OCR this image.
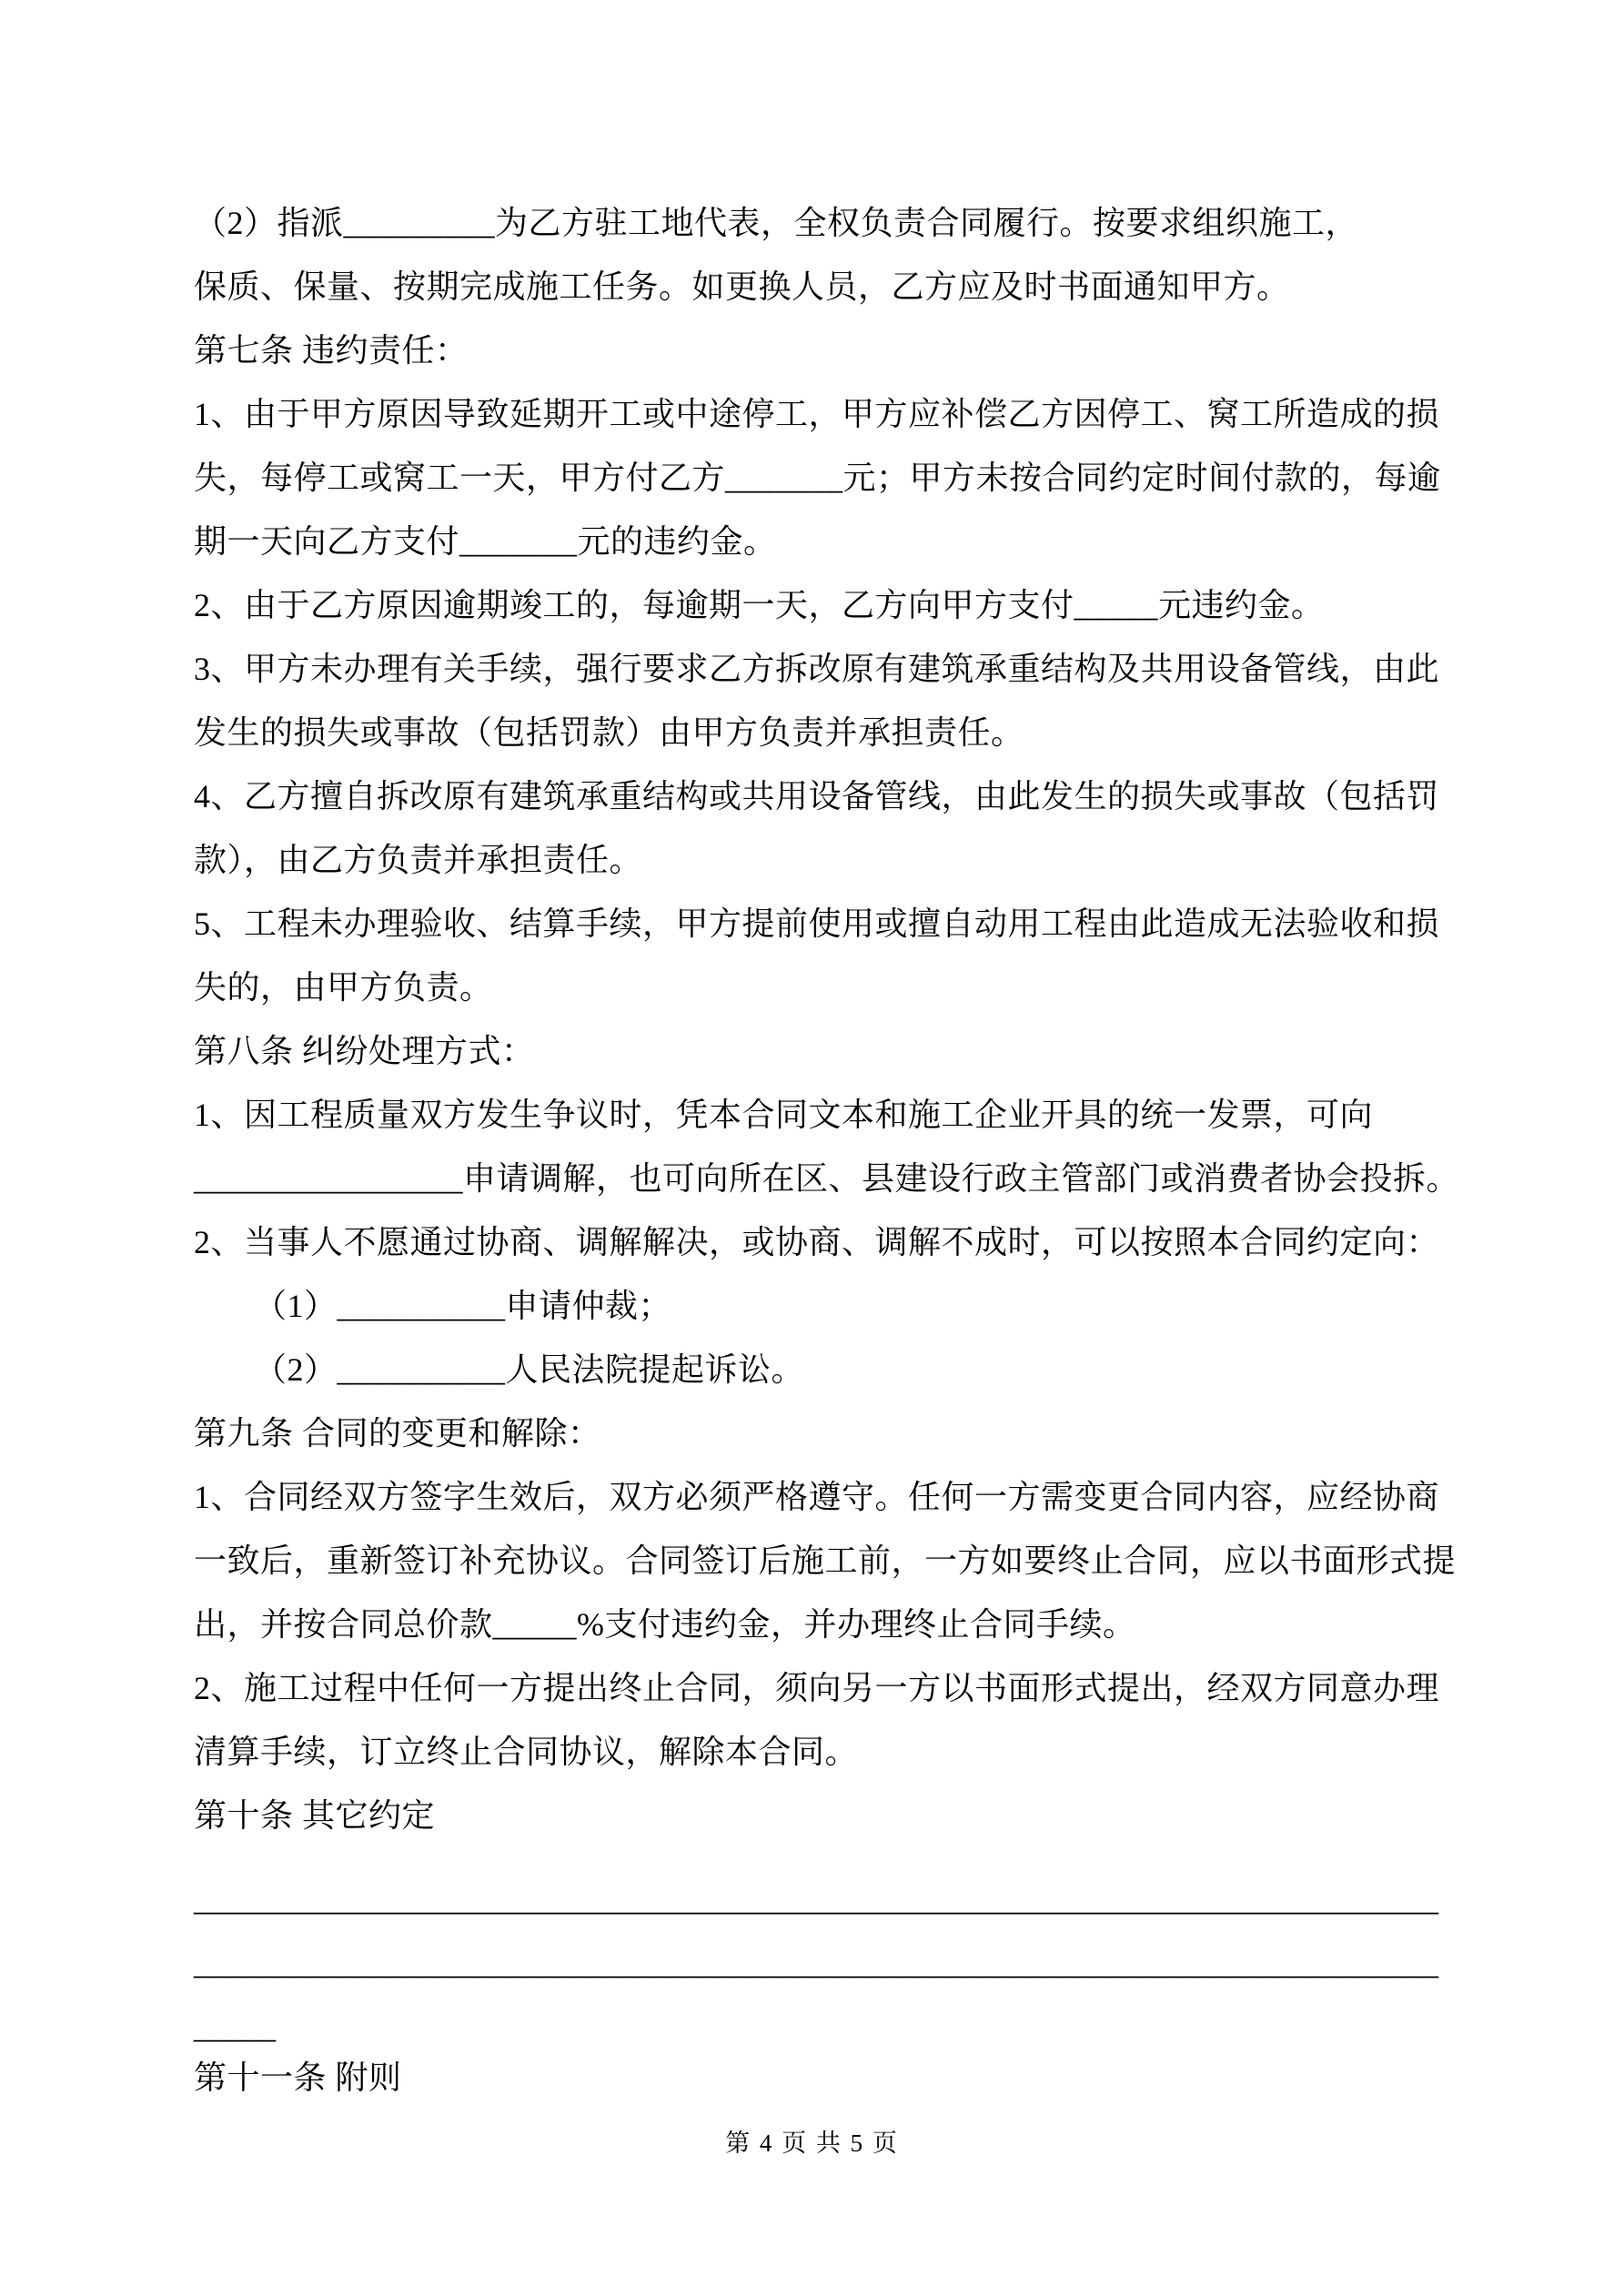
（2）指派_________为乙方驻工地代表，全权负责合同履行。按要求组织施工，
保质、保量、按期完成施工任务。如更换人员，乙方应及时书面通知甲方。
第七条 违约责任：
1、由于甲方原因导致延期开工或中途停工，甲方应补偿乙方因停工、窝工所造成的损
失，每停工或窝工一天，甲方付乙方_______元；甲方未按合同约定时间付款的，每逾
期一天向乙方支付_______元的违约金。
2、由于乙方原因逾期竣工的，每逾期一天，乙方向甲方支付_____元违约金。
3、甲方未办理有关手续，强行要求乙方拆改原有建筑承重结构及共用设备管线，由此
发生的损失或事故（包括罚款）由甲方负责并承担责任。
4、乙方擅自拆改原有建筑承重结构或共用设备管线，由此发生的损失或事故（包括罚
款），由乙方负责并承担责任。
5、工程未办理验收、结算手续，甲方提前使用或擅自动用工程由此造成无法验收和损
失的，由甲方负责。
第八条 纠纷处理方式：
1、因工程质量双方发生争议时，凭本合同文本和施工企业开具的统一发票，可向
________________申请调解，也可向所在区、县建设行政主管部门或消费者协会投拆。
2、当事人不愿通过协商、调解解决，或协商、调解不成时，可以按照本合同约定向：
（1）__________申请仲裁；
（2）__________人民法院提起诉讼。
第九条 合同的变更和解除：
1、合同经双方签字生效后，双方必须严格遵守。任何一方需变更合同内容，应经协商
一致后，重新签订补充协议。合同签订后施工前，一方如要终止合同，应以书面形式提
出，并按合同总价款_____%支付违约金，并办理终止合同手续。
2、施工过程中任何一方提出终止合同，须向另一方以书面形式提出，经双方同意办理
清算手续，订立终止合同协议，解除本合同。
第十条 其它约定
____________________________________________________________________________
____________________________________________________________________________
_____
第十一条 附则
第 4 页 共 5 页
